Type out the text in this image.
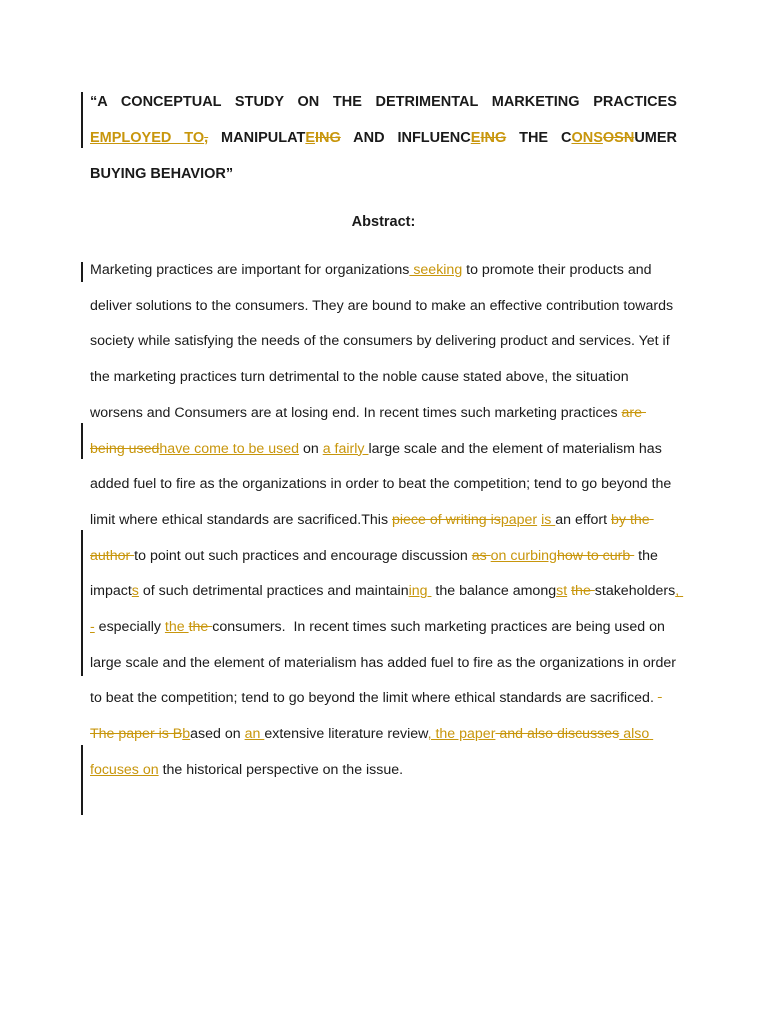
“A CONCEPTUAL STUDY ON THE DETRIMENTAL MARKETING PRACTICES EMPLOYED TO, MANIPULATEING AND INFLUENCEING THE CONSOSNUMER BUYING BEHAVIOR”
Abstract:
Marketing practices are important for organizations seeking to promote their products and deliver solutions to the consumers. They are bound to make an effective contribution towards society while satisfying the needs of the consumers by delivering product and services. Yet if the marketing practices turn detrimental to the noble cause stated above, the situation worsens and Consumers are at losing end. In recent times such marketing practices are being usedhave come to be used on a fairly large scale and the element of materialism has added fuel to fire as the organizations in order to beat the competition; tend to go beyond the limit where ethical standards are sacrificed.This piece of writing ispaper is an effort by the author to point out such practices and encourage discussion as on curbinghow to curb  the impacts of such detrimental practices and maintaining  the balance amongst the stakeholders, - especially the the consumers.  In recent times such marketing practices are being used on large scale and the element of materialism has added fuel to fire as the organizations in order to beat the competition; tend to go beyond the limit where ethical standards are sacrificed.  The paper is Bbased on an extensive literature review, the paper and also discusses also focuses on the historical perspective on the issue.
